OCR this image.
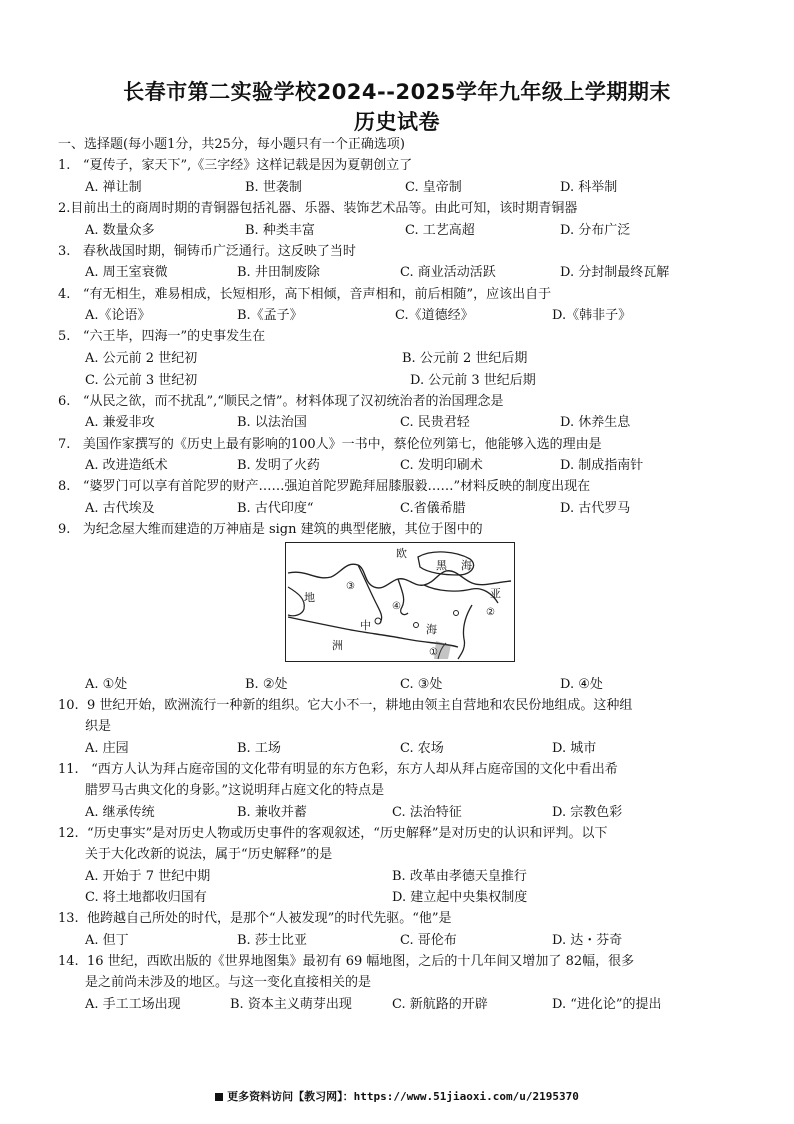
长春市第二实验学校2024--2025学年九年级上学期期末
历史试卷
一、选择题(每小题1分，共25分，每小题只有一个正确选项)
1. “夏传子，家天下”,《三字经》这样记载是因为夏朝创立了
A. 禅让制	B. 世袭制	C. 皇帝制	D. 科举制
2.目前出土的商周时期的青铜器包括礼器、乐器、装饰艺术品等。由此可知，该时期青铜器
A. 数量众多	B. 种类丰富	C. 工艺高超	D. 分布广泛
3. 春秋战国时期，铜铸币广泛通行。这反映了当时
A. 周王室衰微	B. 井田制废除	C. 商业活动活跃	D. 分封制最终瓦解
4. “有无相生，难易相成，长短相形，高下相倾，音声相和，前后相随”，应该出自于
A.《论语》	B.《孟子》	C.《道德经》	D.《韩非子》
5. “六王毕，四海一”的史事发生在
A. 公元前 2 世纪初	B. 公元前 2 世纪后期
C. 公元前 3 世纪初	D. 公元前 3 世纪后期
6. “从民之欲，而不扰乱”,“顺民之情”。材料体现了汉初统治者的治国理念是
A. 兼爱非攻	B. 以法治国	C. 民贵君轻	D. 休养生息
7. 美国作家撰写的《历史上最有影响的100人》一书中，蔡伦位列第七，他能够入选的理由是
A. 改进造纸术	B. 发明了火药	C. 发明印刷术	D. 制成指南针
8. “婆罗门可以享有首陀罗的财产……强迫首陀罗跪拜屈膝服毅……”材料反映的制度出现在
A. 古代埃及	B. 古代印度“	C.省儀希腊	D. 古代罗马
9. 为纪念屋大维而建造的万神庙是 sign 建筑的典型佬腋，其位于图中的
欧
黑 海
亚
地
中	海
洲
①
②
③
④
A. ①处	B. ②处	C. ③处	D. ④处
10. 9 世纪开始，欧洲流行一种新的组织。它大小不一，耕地由领主自营地和农民份地组成。这种组
织是
A. 庄园	B. 工场	C. 农场	D. 城市
11. “西方人认为拜占庭帝国的文化带有明显的东方色彩，东方人却从拜占庭帝国的文化中看出希
腊罗马古典文化的身影。”这说明拜占庭文化的特点是
A. 继承传统	B. 兼收并蓄	C. 法治特征	D. 宗教色彩
12. “历史事实”是对历史人物或历史事件的客观叙述，“历史解释”是对历史的认识和评判。以下
关于大化改新的说法，属于“历史解释”的是
A. 开始于 7 世纪中期	B. 改革由孝德天皇推行
C. 将土地都收归国有	D. 建立起中央集权制度
13. 他跨越自己所处的时代，是那个“人被发现”的时代先驱。“他”是
A. 但丁	B. 莎士比亚	C. 哥伦布	D. 达・芬奇
14. 16 世纪，西欧出版的《世界地图集》最初有 69 幅地图，之后的十几年间又增加了 82幅，很多
是之前尚未涉及的地区。与这一变化直接相关的是
A. 手工工场出现	B. 资本主义萌芽出现	C. 新航路的开辟	D. “进化论”的提出
更多资料访问【教习网】：https://www.51jiaoxi.com/u/2195370
